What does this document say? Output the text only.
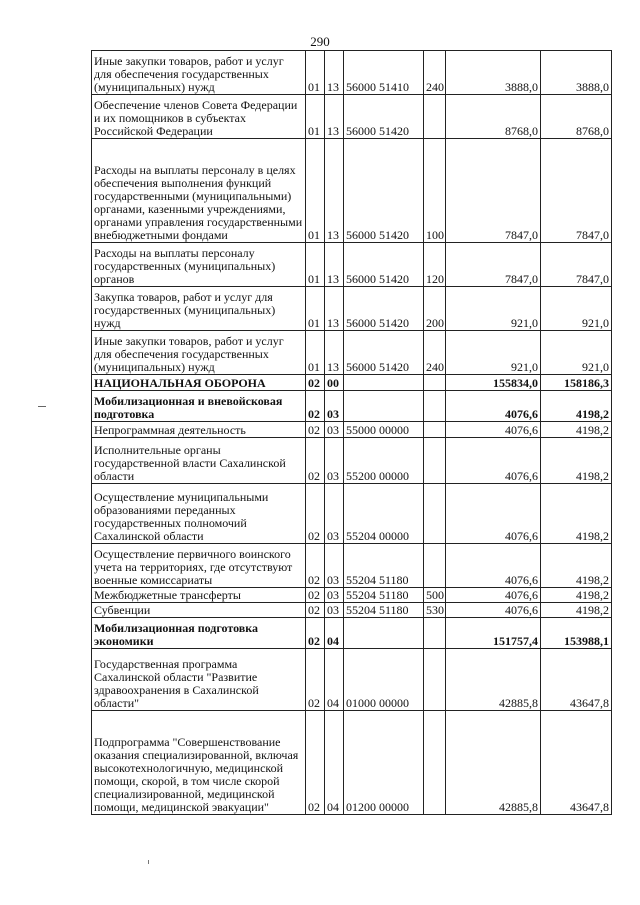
290
Иные закупки товаров, работ и услуг для обеспечения государственных (муниципальных) нужд	01	13	56000 51410	240	3888,0	3888,0
Обеспечение членов Совета Федерации и их помощников в субъектах Российской Федерации	01	13	56000 51420		8768,0	8768,0
Расходы на выплаты персоналу в целях обеспечения выполнения функций государственными (муниципальными) органами, казенными учреждениями, органами управления государственными внебюджетными фондами	01	13	56000 51420	100	7847,0	7847,0
Расходы на выплаты персоналу государственных (муниципальных) органов	01	13	56000 51420	120	7847,0	7847,0
Закупка товаров, работ и услуг для государственных (муниципальных) нужд	01	13	56000 51420	200	921,0	921,0
Иные закупки товаров, работ и услуг для обеспечения государственных (муниципальных) нужд	01	13	56000 51420	240	921,0	921,0
НАЦИОНАЛЬНАЯ ОБОРОНА	02	00			155834,0	158186,3
Мобилизационная и вневойсковая подготовка	02	03			4076,6	4198,2
Непрограммная деятельность	02	03	55000 00000		4076,6	4198,2
Исполнительные органы государственной власти Сахалинской области	02	03	55200 00000		4076,6	4198,2
Осуществление муниципальными образованиями переданных государственных полномочий Сахалинской области	02	03	55204 00000		4076,6	4198,2
Осуществление первичного воинского учета на территориях, где отсутствуют военные комиссариаты	02	03	55204 51180		4076,6	4198,2
Межбюджетные трансферты	02	03	55204 51180	500	4076,6	4198,2
Субвенции	02	03	55204 51180	530	4076,6	4198,2
Мобилизационная подготовка экономики	02	04			151757,4	153988,1
Государственная программа Сахалинской области "Развитие здравоохранения в Сахалинской области"	02	04	01000 00000		42885,8	43647,8
Подпрограмма "Совершенствование оказания специализированной, включая высокотехнологичную, медицинской помощи, скорой, в том числе скорой специализированной, медицинской помощи, медицинской эвакуации"	02	04	01200 00000		42885,8	43647,8
